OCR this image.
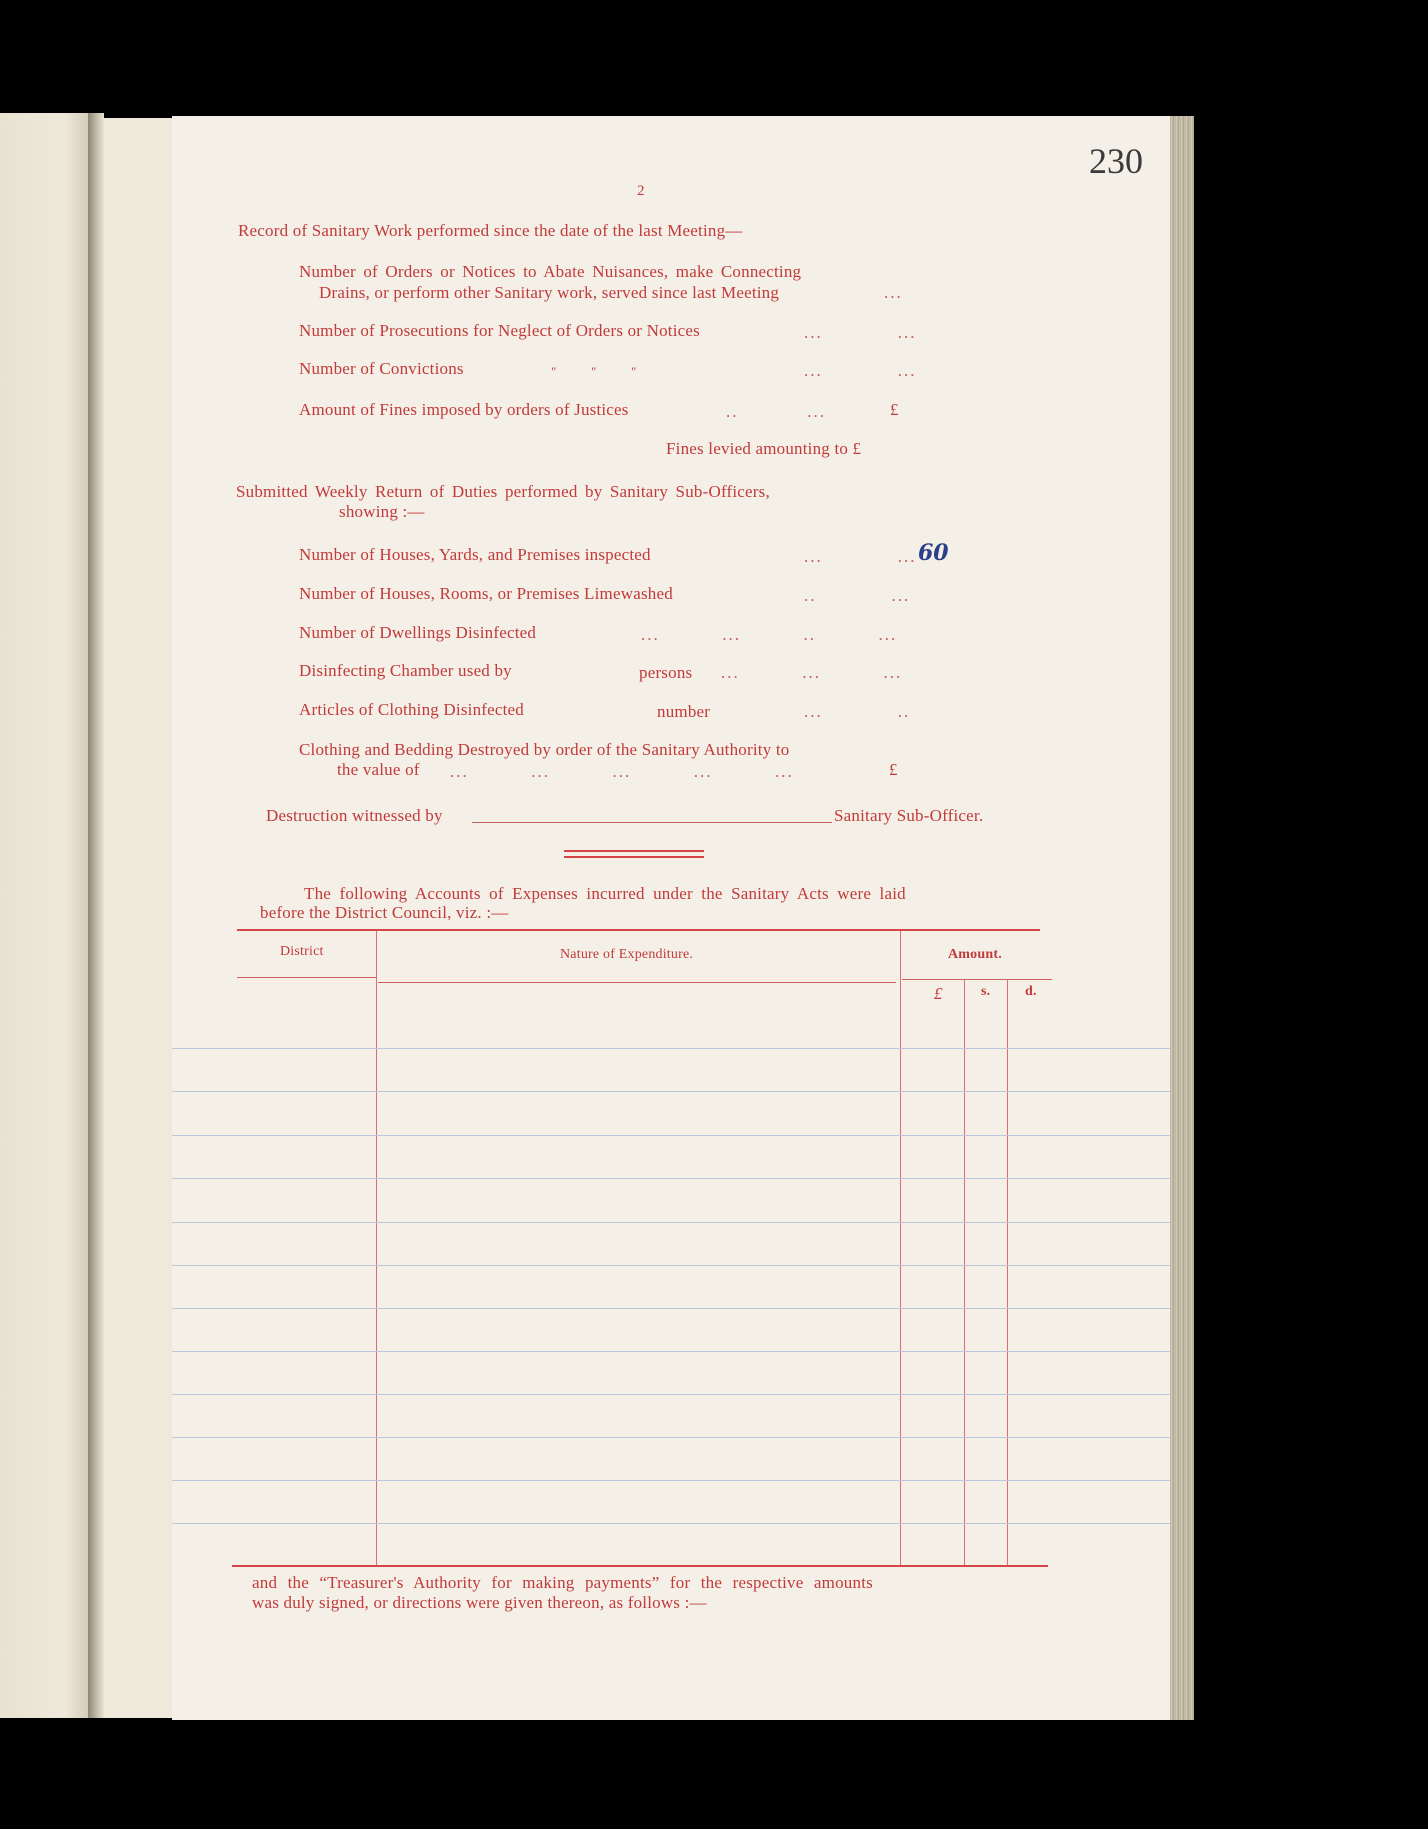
230
2
Record of Sanitary Work performed since the date of the last Meeting—
Number of Orders or Notices to Abate Nuisances, make Connecting
Drains, or perform other Sanitary work, served since last Meeting	...
Number of Prosecutions for Neglect of Orders or Notices	...            ...
Number of Convictions	"          "          "	...            ...
Amount of Fines imposed by orders of Justices	..           ...	£
Fines levied amounting to £
Submitted Weekly Return of Duties performed by Sanitary Sub-Officers,
showing :—
Number of Houses, Yards, and Premises inspected	...            ... 60
Number of Houses, Rooms, or Premises Limewashed	..            ...
Number of Dwellings Disinfected	...          ...          ..          ...
Disinfecting Chamber used by	persons ...          ...          ...
Articles of Clothing Disinfected	number	...            ..
Clothing and Bedding Destroyed by order of the Sanitary Authority to
the value of ...          ...          ...          ...          ...	£
Destruction witnessed by	Sanitary Sub-Officer.
The following Accounts of Expenses incurred under the Sanitary Acts were laid
before the District Council, viz. :—
District	Nature of Expenditure.	Amount.
£	s. d.
and the “Treasurer's Authority for making payments” for the respective amounts
was duly signed, or directions were given thereon, as follows :—
